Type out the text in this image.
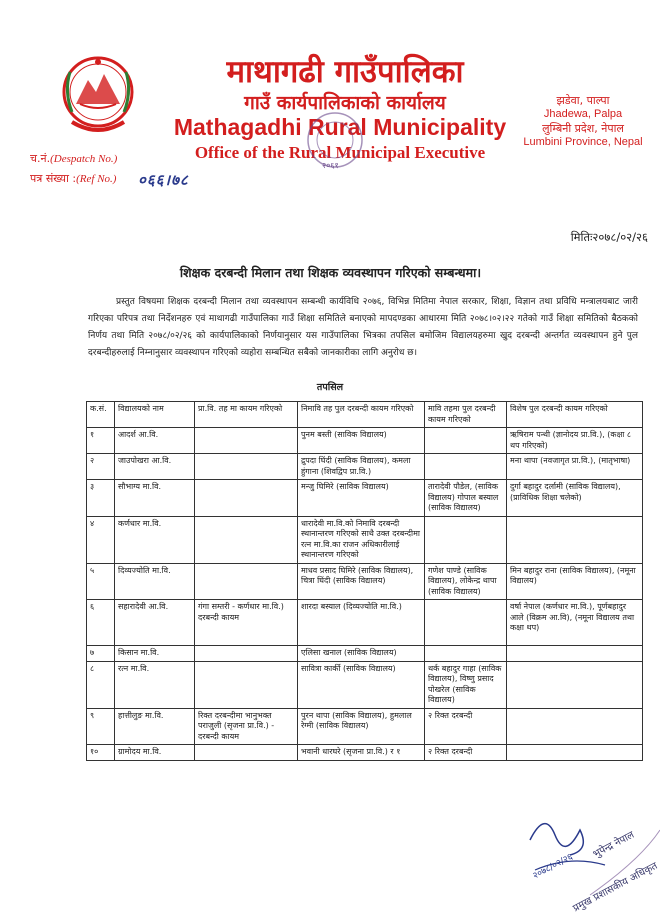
माथागढी गाउँपालिका
गाउँ कार्यपालिकाको कार्यालय
Mathagadhi Rural Municipality
Office of the Rural Municipal Executive
झडेवा, पाल्पा
Jhadewa, Palpa
लुम्बिनी प्रदेश, नेपाल
Lumbini Province, Nepal
२०६१
च.नं.(Despatch No.)
पत्र संख्या :(Ref No.) ०६६।७८
मितिः२०७८/०२/२६
शिक्षक दरबन्दी मिलान तथा शिक्षक व्यवस्थापन गरिएको सम्बन्धमा।
प्रस्तुत विषयमा शिक्षक दरबन्दी मिलान तथा व्यवस्थापन सम्बन्धी कार्यविधि २०७६, विभिन्न मितिमा नेपाल सरकार, शिक्षा, विज्ञान तथा प्रविधि मन्त्रालयबाट जारी गरिएका परिपत्र तथा निर्देशनहरु एवं माथागढी गाउँपालिका गाउँ शिक्षा समितिले बनाएको मापदण्डका आधारमा मिति २०७८।०२।२२ गतेको गाउँ शिक्षा समितिको बैठकको निर्णय तथा मिति २०७८/०२/२६ को कार्यपालिकाको निर्णयानुसार यस गाउँपालिका भित्रका तपसिल बमोजिम विद्यालयहरुमा खुद दरबन्दी अन्तर्गत व्यवस्थापन हुने पुल दरबन्दीहरुलाई निम्नानुसार व्यवस्थापन गरिएको व्यहोरा सम्बन्धित सबैको जानकारीका लागि अनुरोध छ।
तपसिल
क.सं.	विद्यालयको नाम	प्रा.वि. तह मा कायम गरिएको	निमावि तह पुल दरबन्दी कायम गरिएको	मावि तहमा पुल दरबन्दी कायम गरिएको	विशेष पुल दरबन्दी कायम गरिएको
१	आदर्श आ.वि.		पुनम बस्ती (साविक विद्यालय)		ऋषिराम पन्थी (ज्ञानोदय प्रा.वि.), (कक्षा ८ थप गरिएको)
२	जाउपोखरा आ.वि.		द्रुपदा घिंदी (साविक विद्यालय), कमला हुंगाना (शिवद्विप प्रा.वि.)		मना थापा (नवजागृत प्रा.वि.), (मातृभाषा)
३	सौभाग्य मा.वि.		मन्जु घिमिरे (साविक विद्यालय)	तारादेवी पौडेल, (साविक विद्यालय) गोपाल बस्याल (साविक विद्यालय)	दुर्गा बहादुर दर्लामी (साविक विद्यालय), (प्राविधिक शिक्षा चलेको)
४	कर्णधार मा.वि.		धारादेवी मा.वि.को निमावि दरबन्दी स्थानान्तरण गरिएको साथै उक्त दरबन्दीमा रत्न मा.वि.का राजन अधिकारीलाई स्थानान्तरण गरिएको		
५	दिव्यज्योति मा.वि.		माधव प्रसाद घिमिरे (साविक विद्यालय), चित्रा घिंदी (साविक विद्यालय)	गणेश पाण्डे (साविक विद्यालय), लोकेन्द्र थापा (साविक विद्यालय)	मिन बहादुर राना (साविक विद्यालय), (नमूना विद्यालय)
६	सहारादेवी आ.वि.	गंगा सम्तरी - कर्णधार मा.वि.) दरबन्दी कायम	शारदा बस्याल (दिव्यज्योति मा.वि.)		वर्षा नेपाल (कर्णधार मा.वि.), पूर्णबहादुर आले (विक्रम आ.वि), (नमूना विद्यालय तथा कक्षा थप)
७	किसान मा.वि.		एलिसा खनाल (साविक विद्यालय)		
८	रत्न मा.वि.		सावित्रा कार्की (साविक विद्यालय)	थर्क बहादुर गाहा (साविक विद्यालय), विष्णु प्रसाद पोखरेल (साविक विद्यालय)	
९	हात्तीलुङ मा.वि.	रिक्त दरबन्दीमा भानुभक्त पराजुली (सृजना प्रा.वि.) - दरबन्दी कायम	पुरन थापा (साविक विद्यालय), हुमलाल रेग्मी (साविक विद्यालय)	२ रिक्त दरबन्दी	
१०	ग्रामोदय मा.वि.		भवानी धारघरे (सृजना प्रा.वि.) र १	२ रिक्त दरबन्दी	
२०७८/०२/२६
भुपेन्द्र नेपाल
प्रमुख प्रशासकीय अधिकृत
